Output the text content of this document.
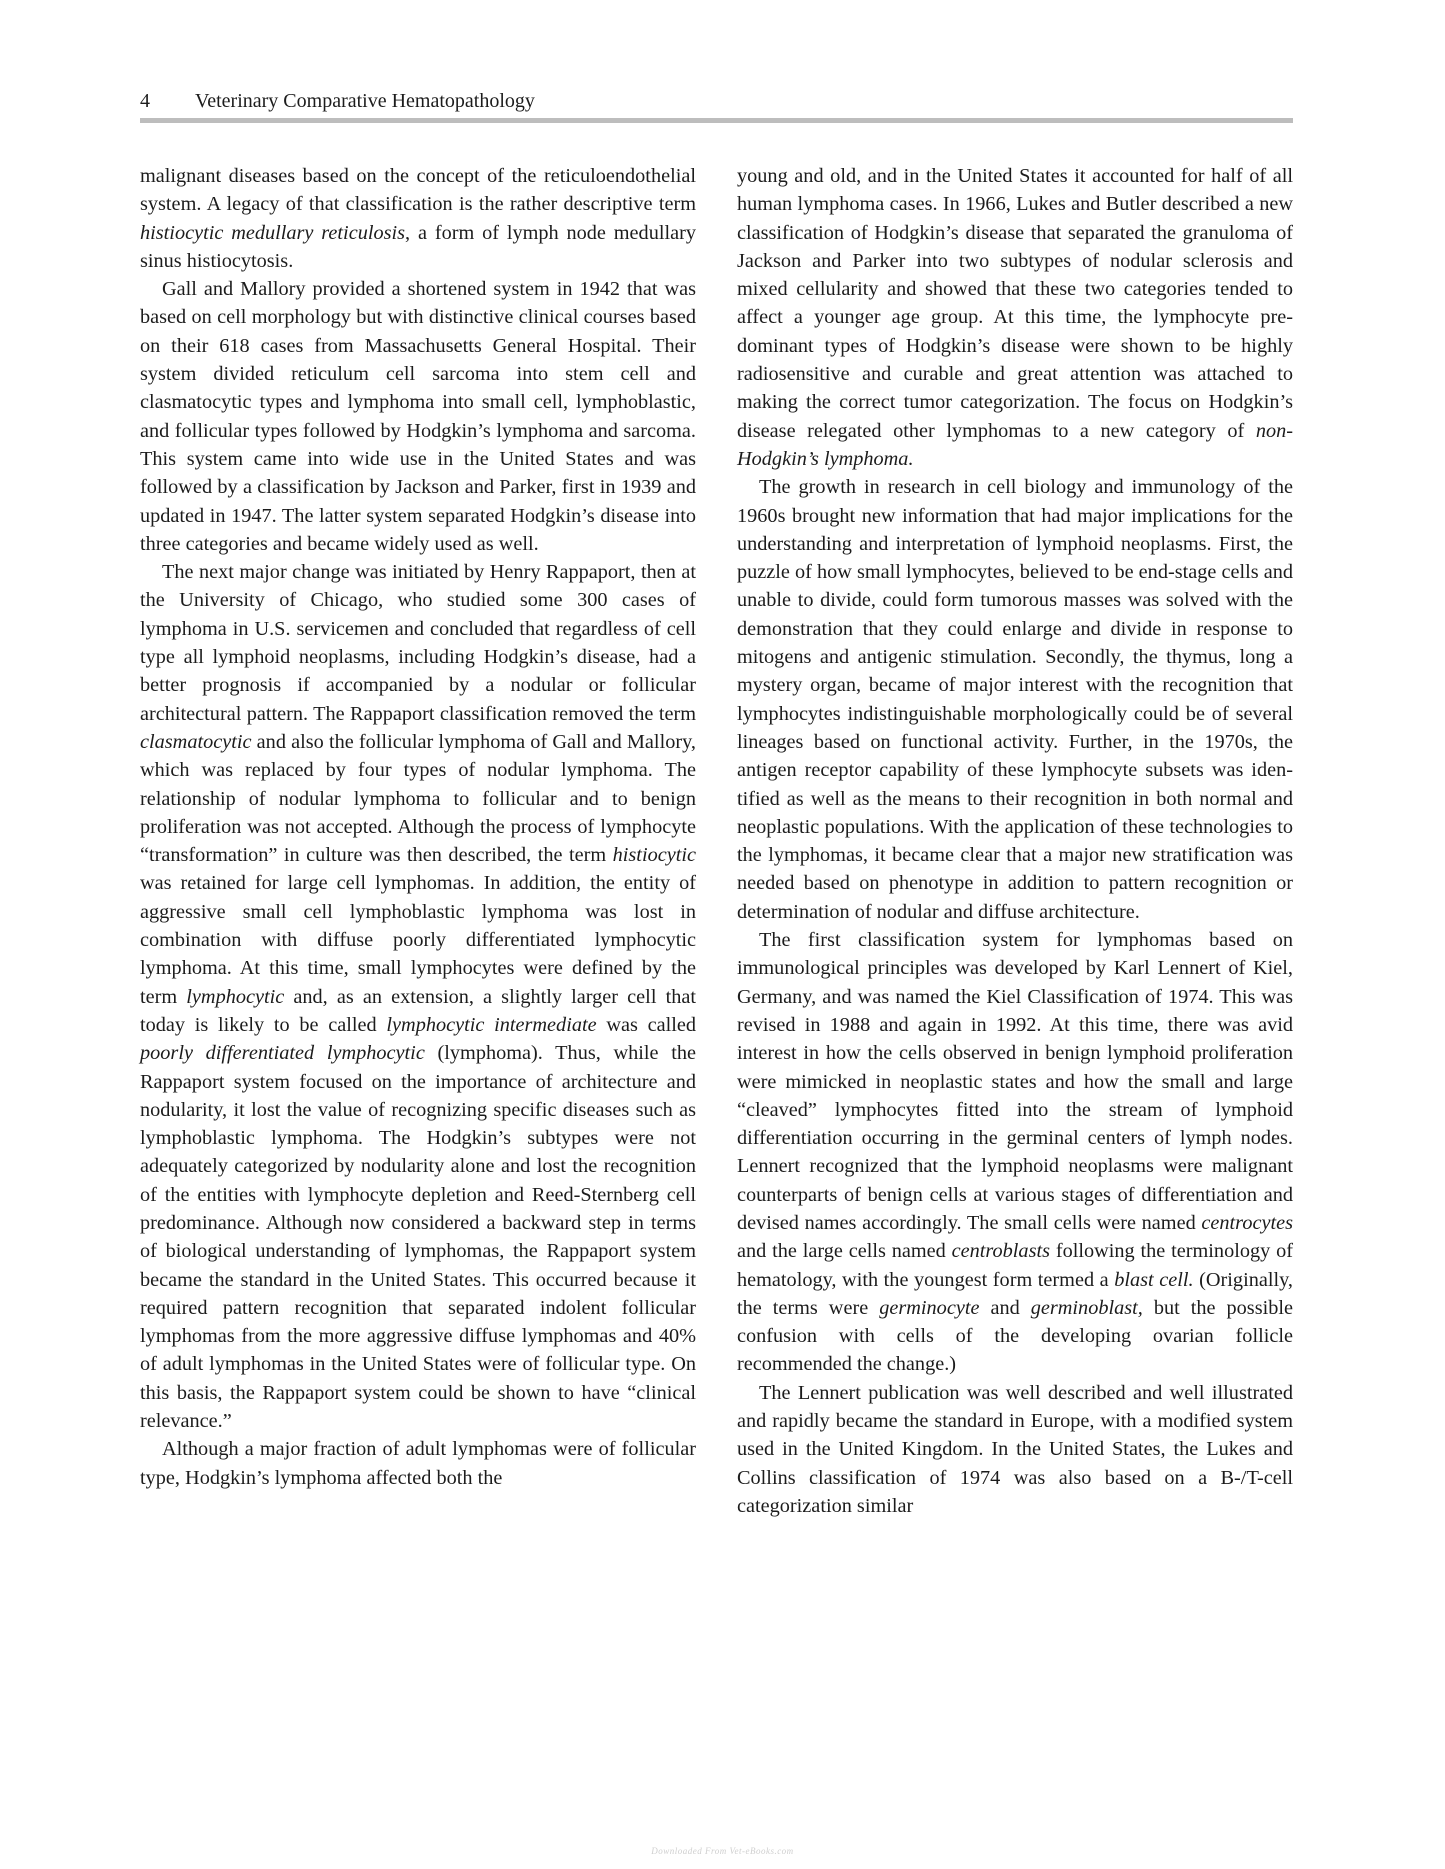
4 Veterinary Comparative Hematopathology

malignant diseases based on the concept of the reticuloendothelial system. A legacy of that classification is the rather descriptive term histiocytic medullary reticulosis, a form of lymph node medullary sinus histiocytosis.

Gall and Mallory provided a shortened system in 1942 that was based on cell morphology but with distinctive clinical courses based on their 618 cases from Massachusetts General Hospital. Their system divided reticulum cell sarcoma into stem cell and clasmatocytic types and lymphoma into small cell, lymphoblastic, and follicular types followed by Hodgkin’s lymphoma and sarcoma. This system came into wide use in the United States and was followed by a classification by Jackson and Parker, first in 1939 and updated in 1947. The latter system separated Hodgkin’s disease into three categories and became widely used as well.

The next major change was initiated by Henry Rappaport, then at the University of Chicago, who studied some 300 cases of lymphoma in U.S. servicemen and concluded that regardless of cell type all lymphoid neoplasms, including Hodgkin’s disease, had a better prognosis if accompanied by a nodular or follicular architectural pattern. The Rappaport classification removed the term clasmatocytic and also the follicular lymphoma of Gall and Mallory, which was replaced by four types of nodular lymphoma. The relationship of nodular lymphoma to follicular and to benign proliferation was not accepted. Although the process of lymphocyte “transformation” in culture was then described, the term histiocytic was retained for large cell lymphomas. In addition, the entity of aggressive small cell lymphoblastic lymphoma was lost in combination with diffuse poorly differentiated lymphocytic lymphoma. At this time, small lymphocytes were defined by the term lymphocytic and, as an extension, a slightly larger cell that today is likely to be called lymphocytic intermediate was called poorly differentiated lymphocytic (lymphoma). Thus, while the Rappaport system focused on the importance of architecture and nodularity, it lost the value of recognizing specific diseases such as lymphoblastic lymphoma. The Hodgkin’s subtypes were not adequately categorized by nodularity alone and lost the recognition of the entities with lymphocyte depletion and Reed-Sternberg cell predominance. Although now considered a backward step in terms of biological understanding of lymphomas, the Rappaport system became the standard in the United States. This occurred because it required pattern recognition that separated indolent follicular lymphomas from the more aggressive diffuse lymphomas and 40% of adult lymphomas in the United States were of follicular type. On this basis, the Rappaport system could be shown to have “clinical relevance.”

Although a major fraction of adult lymphomas were of follicular type, Hodgkin’s lymphoma affected both the

young and old, and in the United States it accounted for half of all human lymphoma cases. In 1966, Lukes and Butler described a new classification of Hodgkin’s disease that separated the granuloma of Jackson and Parker into two subtypes of nodular sclerosis and mixed cellularity and showed that these two categories tended to affect a younger age group. At this time, the lymphocyte predominant types of Hodgkin’s disease were shown to be highly radiosensitive and curable and great attention was attached to making the correct tumor categorization. The focus on Hodgkin’s disease relegated other lymphomas to a new category of non-Hodgkin’s lymphoma.

The growth in research in cell biology and immunology of the 1960s brought new information that had major implications for the understanding and interpretation of lymphoid neoplasms. First, the puzzle of how small lymphocytes, believed to be end-stage cells and unable to divide, could form tumorous masses was solved with the demonstration that they could enlarge and divide in response to mitogens and antigenic stimulation. Secondly, the thymus, long a mystery organ, became of major interest with the recognition that lymphocytes indistinguishable morphologically could be of several lineages based on functional activity. Further, in the 1970s, the antigen receptor capability of these lymphocyte subsets was identified as well as the means to their recognition in both normal and neoplastic populations. With the application of these technologies to the lymphomas, it became clear that a major new stratification was needed based on phenotype in addition to pattern recognition or determination of nodular and diffuse architecture.

The first classification system for lymphomas based on immunological principles was developed by Karl Lennert of Kiel, Germany, and was named the Kiel Classification of 1974. This was revised in 1988 and again in 1992. At this time, there was avid interest in how the cells observed in benign lymphoid proliferation were mimicked in neoplastic states and how the small and large “cleaved” lymphocytes fitted into the stream of lymphoid differentiation occurring in the germinal centers of lymph nodes. Lennert recognized that the lymphoid neoplasms were malignant counterparts of benign cells at various stages of differentiation and devised names accordingly. The small cells were named centrocytes and the large cells named centroblasts following the terminology of hematology, with the youngest form termed a blast cell. (Originally, the terms were germinocyte and germinoblast, but the possible confusion with cells of the developing ovarian follicle recommended the change.)

The Lennert publication was well described and well illustrated and rapidly became the standard in Europe, with a modified system used in the United Kingdom. In the United States, the Lukes and Collins classification of 1974 was also based on a B-/T-cell categorization similar

Downloaded From Vet-eBooks.com
